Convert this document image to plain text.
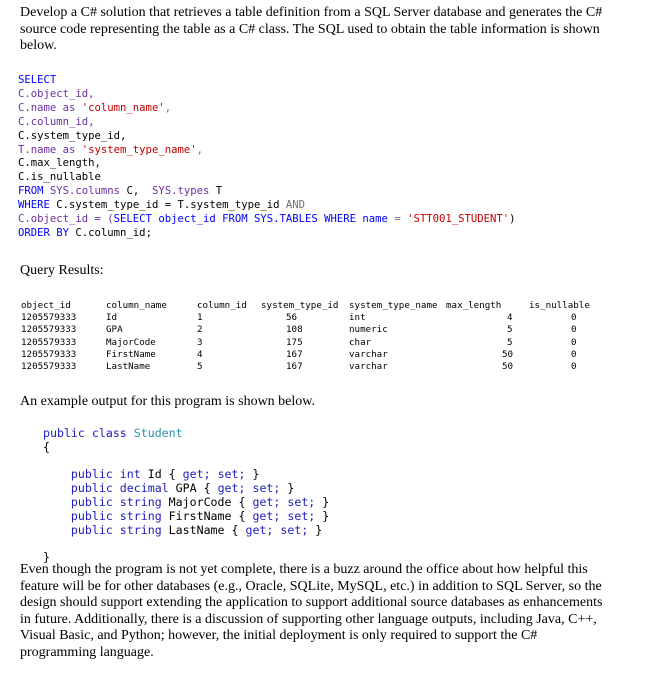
Develop a C# solution that retrieves a table definition from a SQL Server database and generates the C# source code representing the table as a C# class. The SQL used to obtain the table information is shown below.

SELECT
C.object_id,
C.name as 'column_name',
C.column_id,
C.system_type_id,
T.name as 'system_type_name',
C.max_length,
C.is_nullable
FROM SYS.columns C,  SYS.types T
WHERE C.system_type_id = T.system_type_id AND
C.object_id = (SELECT object_id FROM SYS.TABLES WHERE name = 'STT001_STUDENT')
ORDER BY C.column_id;

Query Results:

object_id
1205579333
1205579333
1205579333
1205579333
1205579333
column_name
Id
GPA
MajorCode
FirstName
LastName
column_id
1
2
3
4
5
system_type_id
56
108
175
167
167
system_type_name
int
numeric
char
varchar
varchar
max_length
4
5
5
50
50
is_nullable
0
0
0
0
0

An example output for this program is shown below.

public class Student
{

public int Id { get; set; }
public decimal GPA { get; set; }
public string MajorCode { get; set; }
public string FirstName { get; set; }
public string LastName { get; set; }

}

Even though the program is not yet complete, there is a buzz around the office about how helpful this feature will be for other databases (e.g., Oracle, SQLite, MySQL, etc.) in addition to SQL Server, so the design should support extending the application to support additional source databases as enhancements in future. Additionally, there is a discussion of supporting other language outputs, including Java, C++, Visual Basic, and Python; however, the initial deployment is only required to support the C# programming language.
